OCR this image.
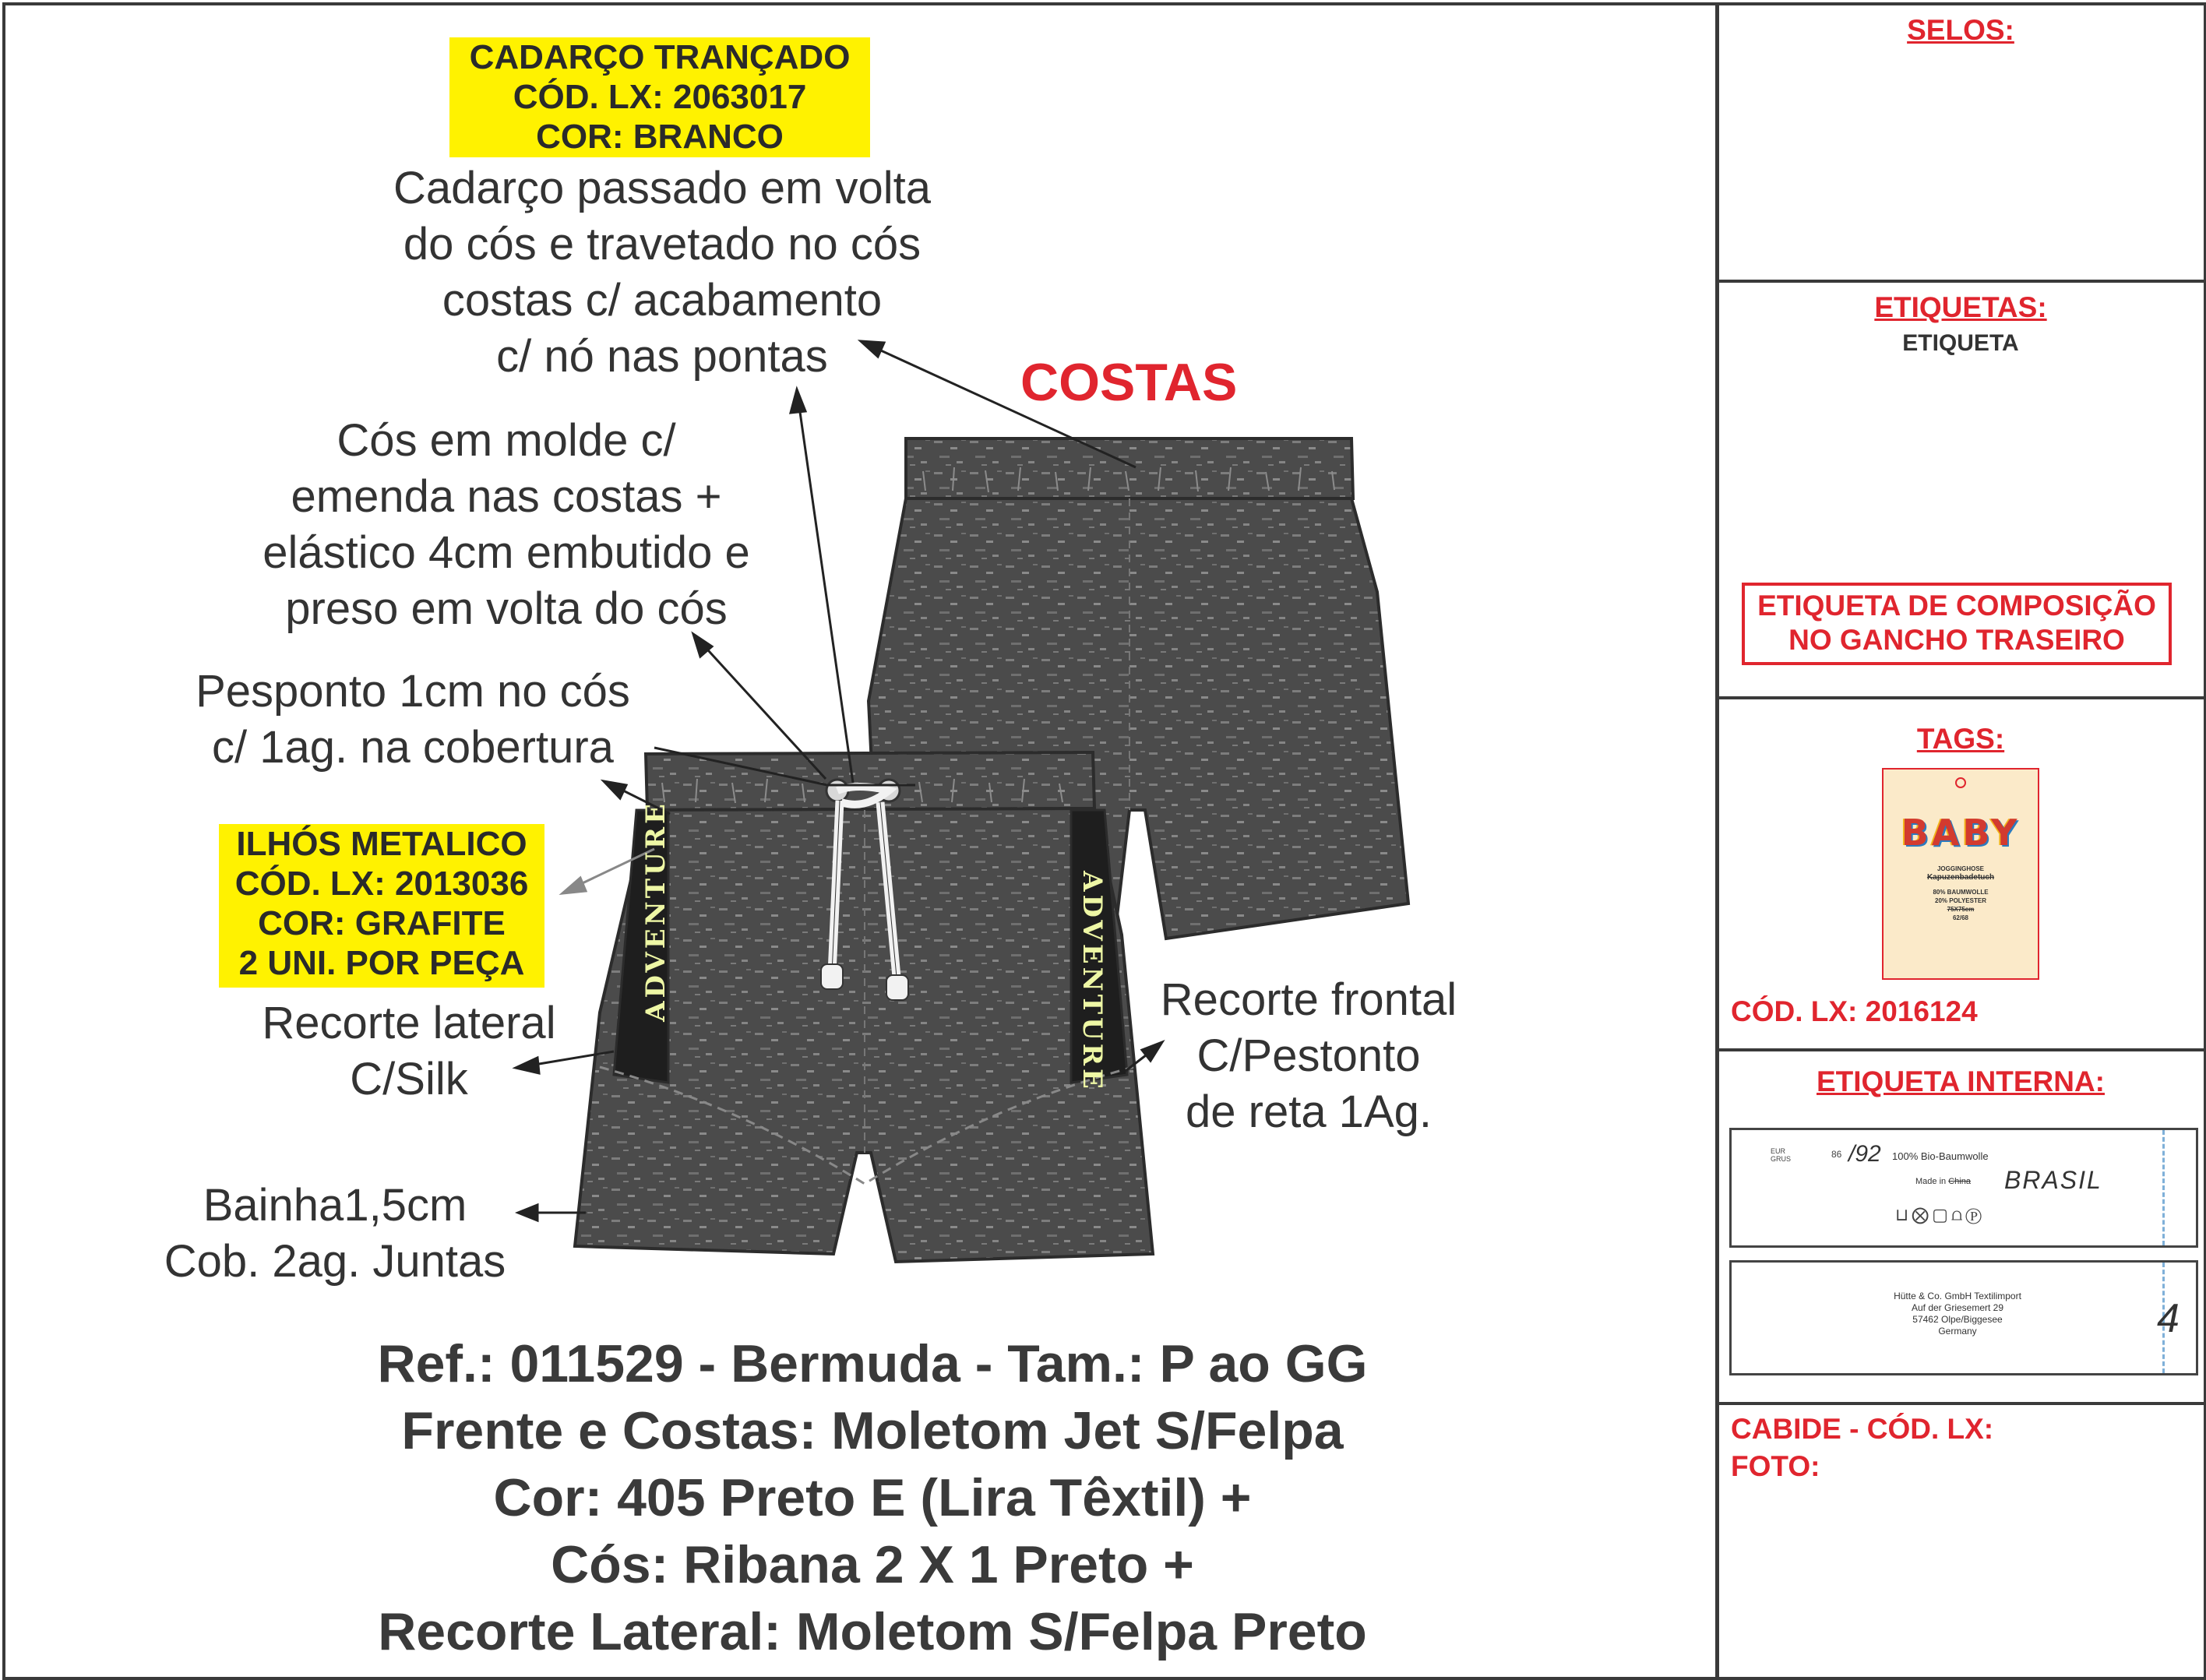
ADVENTURE	ADVENTURE
COSTAS
CADARÇO TRANÇADO
CÓD. LX: 2063017
COR: BRANCO
ILHÓS METALICO
CÓD. LX: 2013036
COR: GRAFITE
2 UNI. POR PEÇA
Cadarço passado em volta
do cós e travetado no cós
costas c/ acabamento
c/ nó nas pontas
Cós em molde c/
emenda nas costas +
elástico 4cm embutido e
preso em volta do cós
Pesponto 1cm no cós
c/ 1ag. na cobertura
Recorte lateral
C/Silk
Bainha1,5cm
Cob. 2ag. Juntas
Recorte frontal
C/Pestonto
de reta 1Ag.
Ref.: 011529 - Bermuda - Tam.: P ao GG
Frente e Costas: Moletom Jet S/Felpa
Cor: 405 Preto E (Lira Têxtil) +
Cós: Ribana 2 X 1 Preto +
Recorte Lateral: Moletom S/Felpa Preto
SELOS:
ETIQUETAS:
ETIQUETA
ETIQUETA DE COMPOSIÇÃO
NO GANCHO TRASEIRO
TAGS:
BABY
JOGGINGHOSE
Kapuzenbadetuch
80% BAUMWOLLE
20% POLYESTER
75X75cm
62/68
CÓD. LX: 2016124
ETIQUETA INTERNA:
EUR
GRUS	86 /92 100% Bio-Baumwolle
Made in China BRASIL
⊔⨂▢⩍Ⓟ
Hütte & Co. GmbH Textilimport
Auf der Griesemert 29
57462 Olpe/Biggesee
Germany	4
CABIDE - CÓD. LX:
FOTO:
